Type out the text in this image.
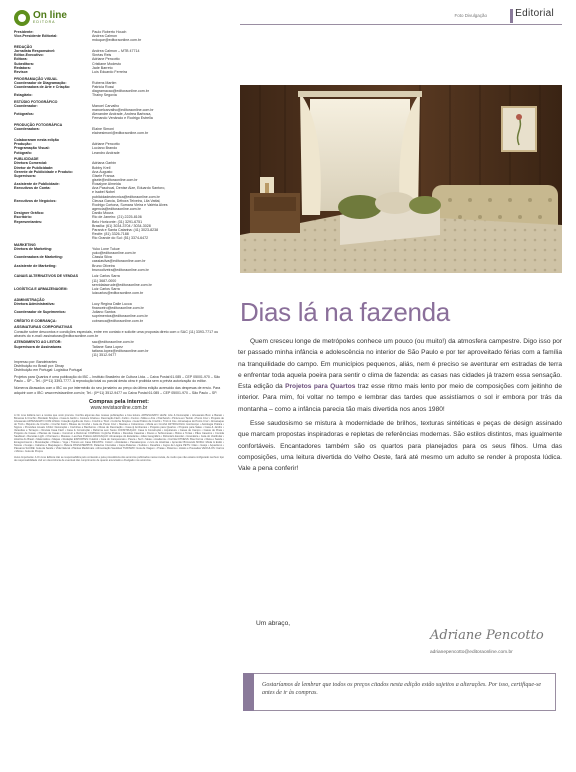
On line
EDITORA
Presidente:	Paulo Roberto Houch
Vice-Presidente Editorial:	Andrea Calmon
mduque@editoraonline.com.br
REDAÇÃO
Jornalista Responsável:	Andrea Calmon – MTB 47714
Editor-Executivo:	Sinéas Reis
Editora:	Adriane Pencotto
Subeditora:	Cristiane Modesto
Redatora:	Jade Barreto
Revisor:	Luís Eduardo Ferreira
PROGRAMAÇÃO VISUAL
Coordenador de Diagramação:	Rubens Martim
Coordenadora de Arte e Criação:	Patricia Rossi
diagramacao@editoraonline.com.br
Estagiário:	Thainy Segovia
ESTÚDIO FOTOGRÁFICO
Coordenador:	Manoel Carvalho
manoelcarvalho@editoraonline.com.br
Fotógrafos:	Alexandre Andrade, Andrea Barbosa,
Fernando Venâncio e Rodrigo Estrella
PRODUÇÃO FOTOGRÁFICA
Coordenadora:	Elaine Simoni
elainesimoni@editoraonline.com.br
Colaboraram nesta edição
Produção:	Adriane Pencotto
Programação Visual:	Luciano Brando
Fotógrafo:	Leandro Andrade
PUBLICIDADE
Diretora Comercial:	Adriana Garbin
Diretor de Publicidade:	Bobby Krell
Gerente de Publicidade e Produto:	Ana Augusto
Supervisora:	Gisele Franca
gisele@editoraonline.com.br
Assistente de Publicidade:	Rosalyne Almeida
Executivos de Conta:	Ana Paschoal, Denise Alze, Eduardo Santoro,
e Isabel Nobel
publicidadeotecnica@editoraonline.com.br
Executivos de Negócios:	Cleusa Garcia, Débora Teixeira, Lila Vattal,
Rodrigo Cortona, Sumara Vieira e Valéria Alves
agencia@editoraonline.com.br
Designer Gráfico:	Danilo Moura
Escritório:	Rio de Janeiro: (21) 2225-8106
Representantes:	Belo Horizonte: (31) 3291-6751
Brasília: (61) 3034-3704 / 3034-3028
Paraná e Santa Catarina: (41) 3023-8238
Recife: (81) 3326-7188
Rio Grande do Sul: (51) 3374-6472
MARKETING
Diretora de Marketing:	Yuko Lone Tukue
yuko@editoraonline.com.br
Coordenadora de Marketing:	Cássia Silva
cassiasilva@editoraonline.com.br
Assistente de Marketing:	Bruno Oliveira
brunooliveira@editoraonline.com.br
CANAIS ALTERNATIVOS DE VENDAS	Luiz Carlos Sarra
(11) 3687-0000
servidatacrude@editoraonline.com.br
LOGÍSTICA E ARMAZENAGEM:	Luiz Carlos Sarra
luizcarlos@editoraonline.com.br
ADMINISTRAÇÃO
Diretora Administrativa:	Lucy Regina Dalle Lucca
financeiro@editoraonline.com.br
Coordenador de Suprimentos:	Juliano Santos
suprimentos@editoraonline.com.br
CRÉDITO E COBRANÇA:	cobranca@editoraonline.com.br
ASSINATURAS CORPORATIVAS
Consulte sobre descontos e condições especiais, entre em contato e solicite uma proposta direto com o SAC (11) 3393-7717 ou através do e-mail: assinaturas@editoraonline.com.br
ATENDIMENTO AO LEITOR:	sac@editoraonline.com.br
Supervisora de Assinaturas	Tatiane Sara Lopez
tatiana.lopez@editoraonline.com.br
(11) 3512-9477
Impresso por: Bandeirantes
Distribuição no Brasil por: Dinap
Distribuição em Portugal: Logística Portugal
Projetos para Quartos é uma publicação do IBC – Instituto Brasileiro de Cultura Ltda. – Caixa Postal 61.085 – CEP 05001-970 – São Paulo – SP – Tel.: (0**11) 3393-7777. A reprodução total ou parcial desta obra é proibida sem a prévia autorização do editor.
Números Atrasados com o IBC ou por intermédio do seu jornaleiro ao preço da última edição acrescido das despesas de envio. Para adquirir com o IBC: www.revistaonline.com.br, Tel.: (0**11) 3512-9477 ou Caixa Postal 61.085 – CEP 05001-970 – São Paulo – SP.
Compras pela internet:
www.revistaonline.com.br
A On Line Editora tem a revista que você procura. Confira algumas das nossas publicações e boa leitura. ARTESANATO LEVE: Arte & Decoração • Artesanato Bom e Barato • Bonecas & Crochê • Bordado Simples • Casa & Jardim • Costura Criativa • Decoração Fácil • Feltro • Fuxico • Mãos e Arte • Patchwork • Pintura em Tecido • Ponto Cruz • Projetos de Artesanato ARTESANATO COM LINHA: Coleção Agulha de Ouro • Crochê e Tricô • Cozinha Simples • Guia Prático de Crochê • Tricô & Cia • Almanaque do Ponto Cruz • Almanaque do Tricô • Biquínis de Crochê • Crochê Fácil • Blusas de Crochê • Guia de Ponto Cruz • Mantas e Cobertores • Moda em Crochê ASTROLOGIA: Horóscopo • Astrologia Prática • Signos • Previsões Anuais CASA: Decoração • Cozinhas e Banheiros • Dicas de Decoração • Casa & Ambientes • Projetos para Quartos • Projetos para Salas • Casa & Jardim • Varandas e Terraços • Revista Casa Fácil • Casa & Construção • Reforma sem Susto CONSTRUÇÃO: Casa & Construção • Arquitetura • Casas de Campo • Casas de Praia • Projetos de Casas • Plantas de Casas • Construir e Reformar COZINHA: Cozinha Prática • Receitas Caseiras • Doces e Sobremesas • Bolos e Tortas • Pães Caseiros • Comida Saudável • Receitas Light • Churrasco • Massas • Lanches Práticos EDUCAÇÃO: Almanaque do Estudante • Atlas Geográfico • Dicionário Escolar • Gramática • Guia do Vestibular • História do Brasil • Matemática • Mapas • Redação ESPORTES: Futebol • Guia do Campeonato • Pesca • Surf • Skate • Academia • Corrida FITNESS: Boa Forma • Dieta e Saúde • Emagrecimento • Musculação • Pilates • Yoga • Treinos em Casa INFANTIL: Colorir • Atividades • Passatempos • Livro de Histórias • Aprender Brincando MODA: Moda & Estilo • Noivas • Festas • Cabelos e Maquiagem • Beleza PASSATEMPOS: Palavras Cruzadas • Caça-Palavras • Sudoku • Desafios • Jogos de Lógica PETS: Cães • Gatos • Aquarismo • Pássaros SAÚDE: Guia da Saúde • Vida Natural • Plantas Medicinais • Alimentação Saudável TURISMO: Guia de Viagem • Praias • Roteiros • Hotéis e Pousadas VEÍCULOS: Carros • Motos • Guia de Preços
Aviso Importante: A On Line Editora não se responsabiliza pelo conteúdo e pela procedência dos anúncios publicados nesta revista, de modo que não estará configurado nenhum tipo de responsabilidade civil em decorrência de eventual não cumprimento de quanto anunciado e divulgado nos anúncios.
Foto Divulgação	Editorial
Dias lá na fazenda

Quem cresceu longe de metrópoles conhece um pouco (ou muito!) da atmosfera campestre. Digo isso por ter passado minha infância e adolescência no interior de São Paulo e por ter aproveitado férias com a família na tranquilidade do campo. Em municípios pequenos, aliás, nem é preciso se aventurar em estradas de terra e enfrentar toda aquela poeira para sentir o clima de fazenda: as casas nas cidades já trazem essa sensação. Esta edição da Projetos para Quartos traz esse ritmo mais lento por meio de composições com jeitinho de interior. Para mim, foi voltar no tempo e lembrar das tardes que assistíamos o sol ir embora por trás da montanha – como a infância parecia tão mais divertida nos anos 1980!

Esse saudosismo se mistura à modernidade de brilhos, texturas sintéticas e peças de design assinado que marcam propostas inspiradoras e repletas de referências modernas. São estilos distintos, mas igualmente confortáveis. Encantadores também são os quartos para planejados para os seus filhos. Uma das composições, uma leitura divertida do Velho Oeste, fará até mesmo um adulto se render à proposta lúdica. Vale a pena conferir!

Um abraço,
Adriane Pencotto
adrianepencotto@editoraonline.com.br
Gostaríamos de lembrar que todos os preços citados nesta edição estão sujeitos a alterações. Por isso, certifique-se antes de ir às compras.
